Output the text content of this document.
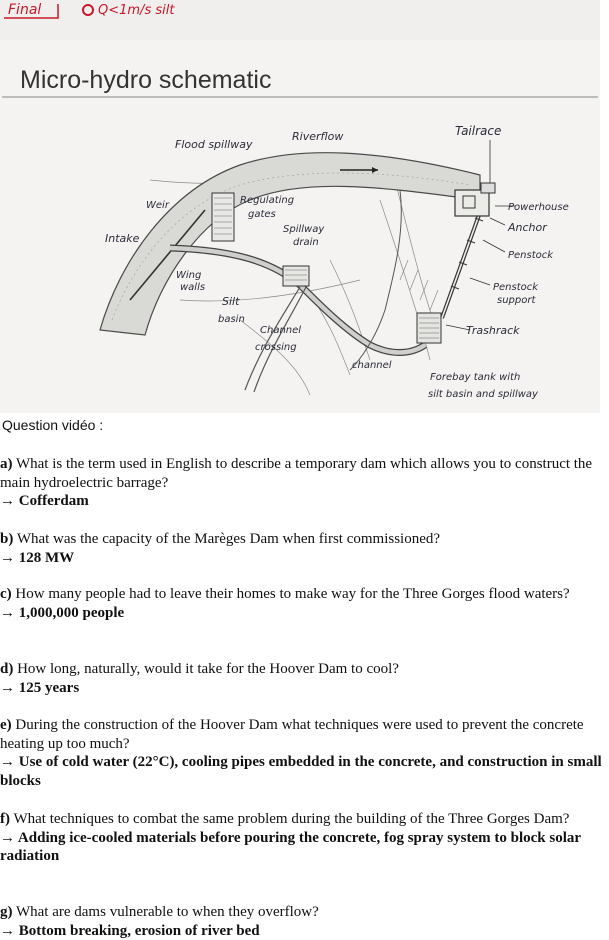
Final	Q<1m/s silt
Micro-hydro schematic
Flood spillway
Riverflow	Tailrace
Weir	Regulating
gates
Powerhouse
Anchor
Intake
Spillway
drain
Penstock
Wing
walls	Penstock
support
Silt
basin
Channel
crossing
Trashrack
channel
Forebay tank with
silt basin and spillway
Question vidéo :

a) What is the term used in English to describe a temporary dam which allows you to construct the main hydroelectric barrage?

→ Cofferdam

b) What was the capacity of the Marèges Dam when first commissioned?

→ 128 MW

c) How many people had to leave their homes to make way for the Three Gorges flood waters?

→ 1,000,000 people

d) How long, naturally, would it take for the Hoover Dam to cool?

→ 125 years

e) During the construction of the Hoover Dam what techniques were used to prevent the concrete heating up too much?

→ Use of cold water (22°C), cooling pipes embedded in the concrete, and construction in small blocks

f) What techniques to combat the same problem during the building of the Three Gorges Dam?

→ Adding ice-cooled materials before pouring the concrete, fog spray system to block solar radiation

g) What are dams vulnerable to when they overflow?

→ Bottom breaking, erosion of river bed
